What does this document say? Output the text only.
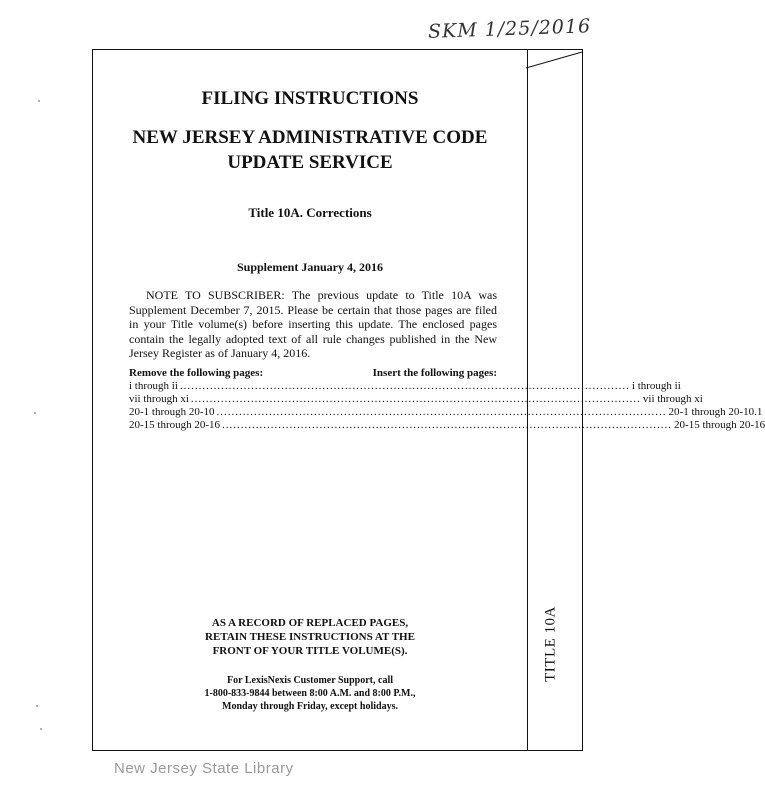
SKM 1/25/2016
TITLE 10A
FILING INSTRUCTIONS
NEW JERSEY ADMINISTRATIVE CODE
UPDATE SERVICE
Title 10A. Corrections
Supplement January 4, 2016
NOTE TO SUBSCRIBER: The previous update to Title 10A was Supplement December 7, 2015. Please be certain that those pages are filed in your Title volume(s) before inserting this update. The enclosed pages contain the legally adopted text of all rule changes published in the New Jersey Register as of January 4, 2016.
Remove the following pages:	Insert the following pages:
i through ii ........................................................................................................................ i through ii
vii through xi ........................................................................................................................ vii through xi
20-1 through 20-10 ........................................................................................................................ 20-1 through 20-10.1
20-15 through 20-16 ........................................................................................................................ 20-15 through 20-16
AS A RECORD OF REPLACED PAGES,
RETAIN THESE INSTRUCTIONS AT THE
FRONT OF YOUR TITLE VOLUME(S).
For LexisNexis Customer Support, call
1-800-833-9844 between 8:00 A.M. and 8:00 P.M.,
Monday through Friday, except holidays.
New Jersey State Library
